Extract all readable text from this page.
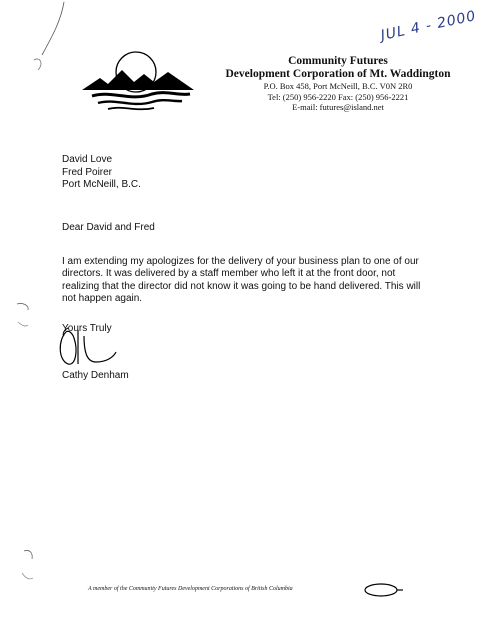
JUL 4 - 2000
Community Futures
Development Corporation of Mt. Waddington
P.O. Box 458, Port McNeill, B.C. V0N 2R0
Tel: (250) 956-2220 Fax: (250) 956-2221
E-mail: futures@island.net
David Love
Fred Poirer
Port McNeill, B.C.
Dear David and Fred
I am extending my apologizes for the delivery of your business plan to one of our directors. It was delivered by a staff member who left it at the front door, not realizing that the director did not know it was going to be hand delivered. This will not happen again.
Yours Truly
Cathy Denham
A member of the Community Futures Development Corporations of British Columbia
